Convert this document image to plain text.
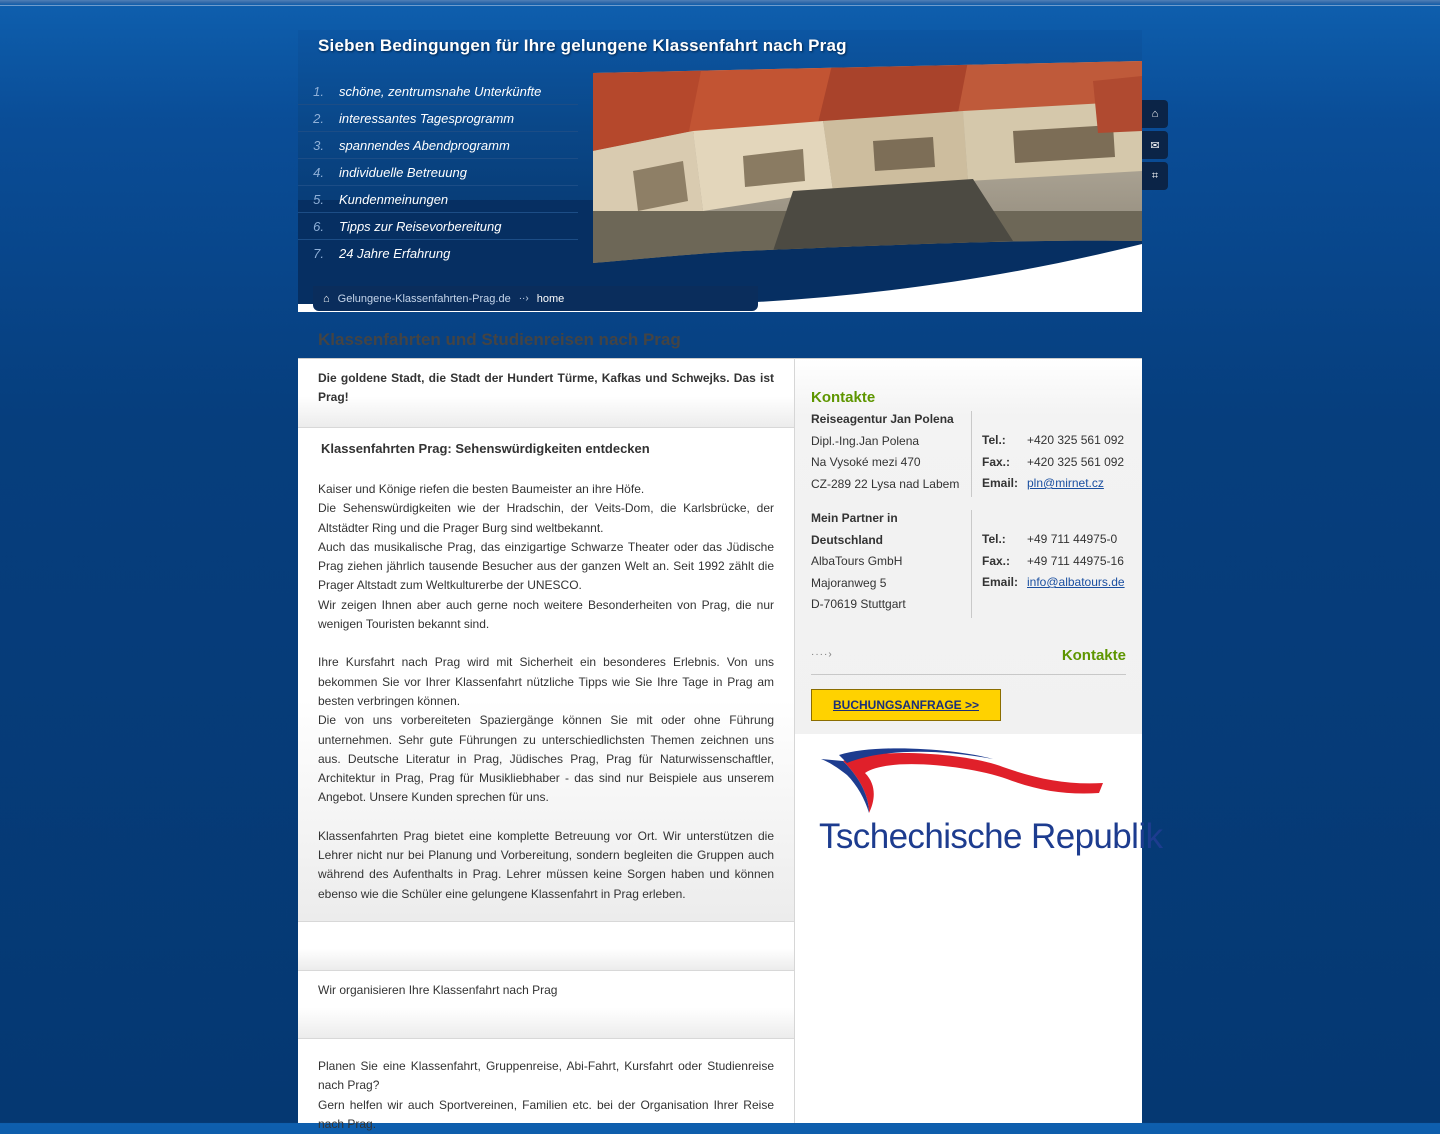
Sieben Bedingungen für Ihre gelungene Klassenfahrt nach Prag
1.	schöne, zentrumsnahe Unterkünfte
2.	interessantes Tagesprogramm
3.	spannendes Abendprogramm
4.	individuelle Betreuung
5.	Kundenmeinungen
6.	Tipps zur Reisevorbereitung
7.	24 Jahre Erfahrung
⌂
✉
⌗
⌂ Gelungene-Klassenfahrten-Prag.de ··› home
Klassenfahrten und Studienreisen nach Prag
Die goldene Stadt, die Stadt der Hundert Türme, Kafkas und Schwejks. Das ist Prag!
Klassenfahrten Prag: Sehenswürdigkeiten entdecken

Kaiser und Könige riefen die besten Baumeister an ihre Höfe.

Die Sehenswürdigkeiten wie der Hradschin, der Veits-Dom, die Karlsbrücke, der Altstädter Ring und die Prager Burg sind weltbekannt.

Auch das musikalische Prag, das einzigartige Schwarze Theater oder das Jüdische Prag ziehen jährlich tausende Besucher aus der ganzen Welt an. Seit 1992 zählt die Prager Altstadt zum Weltkulturerbe der UNESCO.

Wir zeigen Ihnen aber auch gerne noch weitere Besonderheiten von Prag, die nur wenigen Touristen bekannt sind.

Ihre Kursfahrt nach Prag wird mit Sicherheit ein besonderes Erlebnis. Von uns bekommen Sie vor Ihrer Klassenfahrt nützliche Tipps wie Sie Ihre Tage in Prag am besten verbringen können.

Die von uns vorbereiteten Spaziergänge können Sie mit oder ohne Führung unternehmen. Sehr gute Führungen zu unterschiedlichsten Themen zeichnen uns aus. Deutsche Literatur in Prag, Jüdisches Prag, Prag für Naturwissenschaftler, Architektur in Prag, Prag für Musikliebhaber - das sind nur Beispiele aus unserem Angebot. Unsere Kunden sprechen für uns.

Klassenfahrten Prag bietet eine komplette Betreuung vor Ort. Wir unterstützen die Lehrer nicht nur bei Planung und Vorbereitung, sondern begleiten die Gruppen auch während des Aufenthalts in Prag. Lehrer müssen keine Sorgen haben und können ebenso wie die Schüler eine gelungene Klassenfahrt in Prag erleben.

Wir organisieren Ihre Klassenfahrt nach Prag

Planen Sie eine Klassenfahrt, Gruppenreise, Abi-Fahrt, Kursfahrt oder Studienreise nach Prag?

Gern helfen wir auch Sportvereinen, Familien etc. bei der Organisation Ihrer Reise nach Prag.

Kontakte
Reiseagentur Jan Polena
Dipl.-Ing.Jan Polena
Na Vysoké mezi 470
CZ-289 22 Lysa nad Labem
Tel.:	+420 325 561 092
Fax.:	+420 325 561 092
Email: pln@mirnet.cz
Mein Partner in Deutschland
AlbaTours GmbH
Majoranweg 5
D-70619 Stuttgart
Tel.:	+49 711 44975-0
Fax.:	+49 711 44975-16
Email: info@albatours.de
····›	Kontakte
BUCHUNGSANFRAGE >>
Tschechische Republik
